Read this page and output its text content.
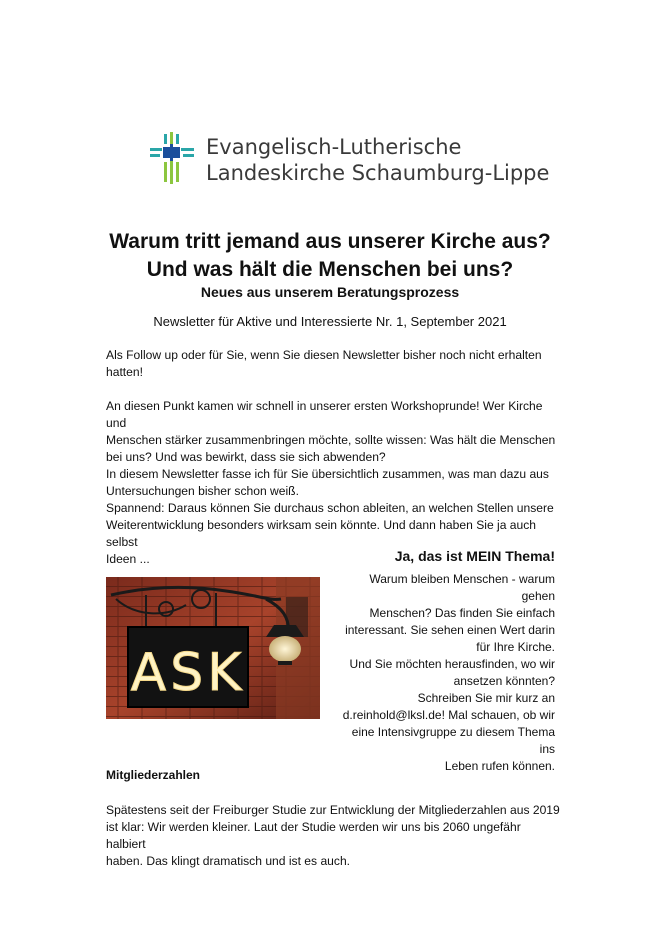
Evangelisch-Lutherische
Landeskirche Schaumburg-Lippe
Warum tritt jemand aus unserer Kirche aus?
Und was hält die Menschen bei uns?
Neues aus unserem Beratungsprozess
Newsletter für Aktive und Interessierte Nr. 1, September 2021
Als Follow up oder für Sie, wenn Sie diesen Newsletter bisher noch nicht erhalten
hatten!
An diesen Punkt kamen wir schnell in unserer ersten Workshoprunde! Wer Kirche und
Menschen stärker zusammenbringen möchte, sollte wissen: Was hält die Menschen
bei uns? Und was bewirkt, dass sie sich abwenden?
In diesem Newsletter fasse ich für Sie übersichtlich zusammen, was man dazu aus
Untersuchungen bisher schon weiß.
Spannend: Daraus können Sie durchaus schon ableiten, an welchen Stellen unsere
Weiterentwicklung besonders wirksam sein könnte. Und dann haben Sie ja auch selbst
Ideen ...	Ja, das ist MEIN Thema!
Warum bleiben Menschen - warum gehen
Menschen? Das finden Sie einfach
interessant. Sie sehen einen Wert darin
für Ihre Kirche.
Und Sie möchten herausfinden, wo wir
ansetzen könnten?
Schreiben Sie mir kurz an
d.reinhold@lksl.de! Mal schauen, ob wir
eine Intensivgruppe zu diesem Thema ins
Leben rufen können.
ASK
Mitgliederzahlen
Spätestens seit der Freiburger Studie zur Entwicklung der Mitgliederzahlen aus 2019
ist klar: Wir werden kleiner. Laut der Studie werden wir uns bis 2060 ungefähr halbiert
haben. Das klingt dramatisch und ist es auch.
